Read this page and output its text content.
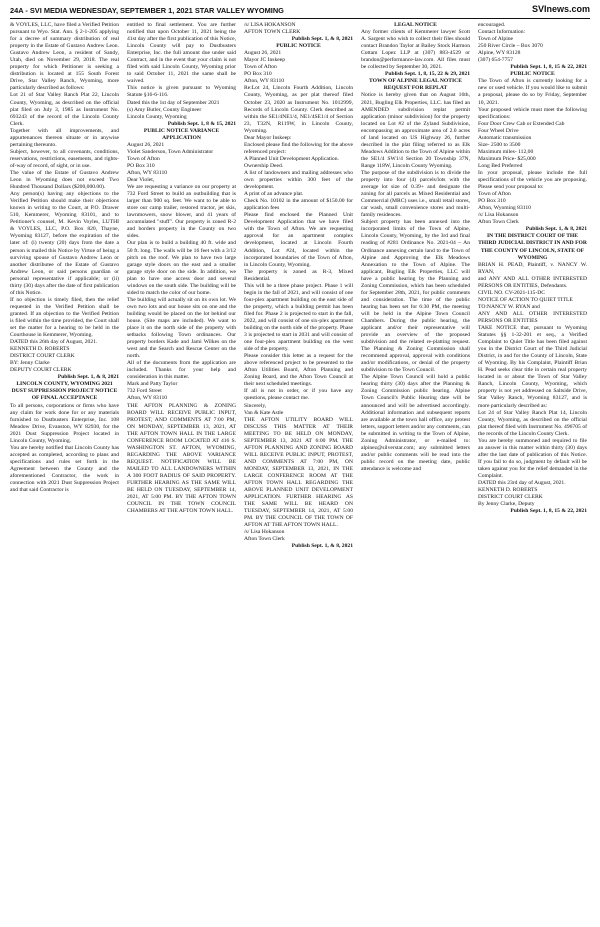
24A - SVI MEDIA WEDNESDAY, SEPTEMBER 1, 2021 STAR VALLEY WYOMING	SVInews.com

& VOYLES, LLC, have filed a Verified Petition pursuant to Wyo. Stat. Ann. § 2-1-205 applying for a decree of summary distribution of real property in the Estate of Gustavo Andrew Leon. Gustavo Andrew Leon, a resident of Sandy, Utah, died on November 29, 2018. The real property for which Petitioner is seeking a distribution is located at 155 South Forest Drive, Star Valley Ranch, Wyoming, more particularly described as follows:

Lot 21 of Star Valley Ranch Plat 22, Lincoln County, Wyoming, as described on the official plat filed on July 3, 1985 as Instrument No. 693243 of the record of the Lincoln County Clerk.

Together with all improvements, and appurtenances thereon situate or in anywise pertaining thereunto.

Subject, however, to all covenants, conditions, reservations, restrictions, easements, and rights-of-way of record, of sight, or in use.

The value of the Estate of Gustavo Andrew Leon in Wyoming does not exceed Two Hundred Thousand Dollars ($200,000.00).

Any person(s) having any objections to the Verified Petition should make their objections known in writing to the Court, at P.O. Drawer 510, Kemmerer, Wyoming 83101, and to Petitioner's counsel, M. Kevin Voyles, LUTHI & VOYLES, LLC, P.O. Box 820, Thayne, Wyoming 83127, before the expiration of the later of: (i) twenty (20) days from the date a person is mailed this Notice by Virtue of being a surviving spouse of Gustavo Andrew Leon or another distributee of the Estate of Gustavo Andrew Leon, or said persons guardian or personal representative if applicable; or (ii) thirty (30) days after the date of first publication of this Notice.

If no objection is timely filed, then the relief requested in the Verified Petition shall be granted. If an objection to the Verified Petition is filed within the time provided, the Court shall set the matter for a hearing to be held in the Courthouse in Kemmerer, Wyoming.

DATED this 26th day of August, 2021.

KENNETH D. ROBERTS

DISTRICT COURT CLERK

BY: Jenny Clarke

DEPUTY COURT CLERK

Publish Sept. 1, & 8, 2021

LINCOLN COUNTY, WYOMING 2021 DUST SUPPRESSION PROJECT NOTICE OF FINAL ACCEPTANCE

To all persons, corporations or firms who have any claim for work done for or any materials furnished to Dustbusters Enterprise, Inc. 108 Meadow Drive, Evanston, WY 82930, for the 2021 Dust Suppression Project located in Lincoln County, Wyoming.

You are hereby notified that Lincoln County has accepted as completed, according to plans and specifications and rules set forth in the Agreement between the County and the aforementioned Contractor, the work in connection with 2021 Dust Suppression Project and that said Contractor is

entitled to final settlement. You are further notified that upon October 11, 2021 being the 41st day after the first publication of this Notice, Lincoln County will pay to Dustbusters Enterprise, Inc. the full amount due under said Contract, and in the event that your claim is not filed with said Lincoln County, Wyoming prior to said October 11, 2021 the same shall be waived.

This notice is given pursuant to Wyoming Statute §16-6-116.

Dated this the 1st day of September 2021

(s) Amy Butler, County Engineer

Lincoln County, Wyoming

Publish Sept. 1, 8 & 15, 2021

PUBLIC NOTICE VARIANCE APPLICATION

August 26, 2021

Violet Sanderson, Town Administrator

Town of Afton

PO Box 310

Afton, WY 83110

Dear Violet,

We are requesting a variance on our property at 732 Ford Street to build an outbuilding that is larger than 900 sq. feet. We want to be able to store our camp trailer, restored tractor, jet skis, lawnmowers, snow blower, and 41 years of accumulated "stuff". Our property is zoned R-2 and borders property in the County on two sides.

Our plan is to build a building 40 ft. wide and 50 ft. long. The walls will be 16 feet with a 3/12 pitch on the roof. We plan to have two large garage style doors on the east and a smaller garage style door on the side. In addition, we plan to have one access door and several windows on the south side. The building will be sided to match the color of our home.

The building will actually sit on its own lot. We own two lots and our house sits on one and the building would be placed on the lot behind our house. (Site maps are included). We want to place it on the north side of the property with setbacks following Town ordinances. Our property borders Kade and Jami Wilkes on the west and the Search and Rescue Center on the north.

All of the documents from the application are included. Thanks for your help and consideration in this matter.

Mark and Patty Taylor

732 Ford Street

Afton, WY 83110

THE AFTON PLANNING & ZONING BOARD WILL RECEIVE PUBLIC INPUT, PROTEST, AND COMMENTS AT 7:00 PM, ON MONDAY, SEPTEMBER 13, 2021, AT THE AFTON TOWN HALL IN THE LARGE CONFERENCE ROOM LOCATED AT 416 S. WASHINGTON ST. AFTON, WYOMING, REGARDING THE ABOVE VARIANCE REQUEST. NOTIFICATION WILL BE MAILED TO ALL LANDOWNERS WITHIN A 300 FOOT RADIUS OF SAID PROPERTY. FURTHER HEARING AS THE SAME WILL BE HELD ON TUESDAY, SEPTEMBER 14, 2021, AT 5:00 PM. BY THE AFTON TOWN COUNCIL IN THE TOWN COUNCIL CHAMBERS AT THE AFTON TOWN HALL.

/s/ LISA HOKANSON

AFTON TOWN CLERK

Publish Sept. 1, & 8, 2021

PUBLIC NOTICE

August 26, 2021

Mayor JC Inskeep

Town of Afton

PO Box 310

Afton, WY 83110

Re:Lot 24, Lincoln Fourth Addition, Lincoln County, Wyoming, as per plat thereof filed October 23, 2020 as Instrument No. 1012999, Records of Lincoln County. Clerk described as within the SE1/4NE1/4, NE1/4SE1/4 of Section 23, T32N, R119W, in Lincoln County, Wyoming.

Dear Mayor Inskeep:

Enclosed please find the following for the above referenced project:

A Planned Unit Development Application.

Ownership Deed.

A list of landowners and mailing addresses who own properties within 300 feet of the development.

A print of an advance plat.

Check No. 10102 in the amount of $150.00 for application fees

Please find enclosed the Planned Unit Development Application that we have filed with the Town of Afton. We are requesting approval for an apartment complex development, located at Lincoln Fourth Addition, Lot #24, located within the incorporated boundaries of the Town of Afton, in Lincoln County, Wyoming.

The property is zoned as R-3, Mixed Residential.

This will be a three phase project. Phase 1 will begin in the fall of 2021, and will consist of one four-plex apartment building on the east side of the property, which a building permit has been filed for. Phase 2 is projected to start in the fall, 2022, and will consist of one six-plex apartment building on the north side of the property. Phase 3 is projected to start in 2031 and will consist of one four-plex apartment building on the west side of the property.

Please consider this letter as a request for the above referenced project to be presented to the Afton Utilities Board, Afton Planning and Zoning Board, and the Afton Town Council at their next scheduled meetings.

If all is not in order, or if you have any questions, please contact me.

Sincerely,

Van & Kate Astle

THE AFTON UTILITY BOARD WILL DISCUSS THIS MATTER AT THEIR MEETING TO BE HELD ON MONDAY, SEPTEMBER 13, 2021 AT 6:00 PM. THE AFTON PLANNING AND ZONING BOARD WILL RECEIVE PUBLIC INPUT, PROTEST, AND COMMENTS AT 7:00 PM, ON MONDAY, SEPTEMBER 13, 2021, IN THE LARGE CONFERENCE ROOM AT THE AFTON TOWN HALL REGARDING THE ABOVE PLANNED UNIT DEVELOPMENT APPLICATION. FURTHER HEARING AS THE SAME WILL BE HEARD ON TUESDAY, SEPTEMBER 14, 2021, AT 5:00 PM. BY THE COUNCIL OF THE TOWN OF AFTON AT THE AFTON TOWN HALL.

/s/ Lisa Hokanson

Afton Town Clerk

Publish Sept. 1, & 8, 2021

LEGAL NOTICE

Any former clients of Kemmerer lawyer Scott A. Sargent who wish to collect their files should contact Brandon Taylor at Bailey Stock Harmon Cottam Lopez LLP at (307) 883-4529 or brandon@performance-law.com. All files must be collected by September 30, 2021.

Publish Sept. 1, 8, 15, 22 & 29, 2021

TOWN OF ALPINE LEGAL NOTICE REQUEST FOR REPLAT

Notice is hereby given that on August 16th, 2021, Bugling Elk Properties, LLC. has filed an AMENDED subdivision replat permit application (minor subdivision) for the property located on Lot #2 of the Zyland Subdivision, encompassing an approximate area of 2.0 acres of land located on US Highway 26, further described in the plat filing referred to as Elk Meadows Addition to the Town of Alpine within the SE1/4 SW1/4 Section 20 Township 37N, Range 118W, Lincoln County Wyoming.

The purpose of the subdivision is to divide the property into four (4) parcels/lots with the average lot size of 0.39+ and designate the zoning for all parcels as Mixed Residential and Commercial (MRC) uses i.e., small retail stores, car wash, small convenience stores and multi-family residences.

Subject property has been annexed into the incorporated limits of the Town of Alpine, Lincoln County, Wyoming, by the 3rd and final reading of #281 Ordinance No. 2021-04 – An Ordinance annexing certain land to the Town of Alpine and Approving the Elk Meadows Annexation to the Town of Alpine. The applicant, Bugling Elk Properties, LLC will have a public hearing by the Planning and Zoning Commission, which has been scheduled for September 28th, 2021, for public comments and consideration. The time of the public hearing has been set for 6:30 PM, the meeting will be held in the Alpine Town Council Chambers. During the public hearing, the applicant and/or their representative will provide an overview of the proposed subdivision and the related re-platting request. The Planning & Zoning Commission shall recommend approval, approval with conditions and/or modifications, or denial of the property subdivision to the Town Council.

The Alpine Town Council will hold a public hearing thirty (30) days after the Planning & Zoning Commission public hearing. Alpine Town Council's Public Hearing date will be announced and will be advertised accordingly. Additional information and subsequent reports are available at the town hall office, any protest letters, support letters and/or any comments, can be submitted in writing to the Town of Alpine, Zoning Administrator, or e-mailed to: alpinez@silverstar.com; any submitted letters and/or public comments will be read into the public record on the meeting date, public attendance is welcome and

encouraged.

Contact Information:

Town of Alpine

250 River Circle – Box 3070

Alpine, WY 83128

(307) 654-7757

Publish Sept. 1, 8, 15 & 22, 2021

PUBLIC NOTICE

The Town of Afton is currently looking for a new or used vehicle. If you would like to submit a proposal, please do so by Friday, September 10, 2021.

Your proposed vehicle must meet the following specifications:

Four Door Crew Cab or Extended Cab

Four Wheel Drive

Automatic transmission

Size- 2500 to 3500

Maximum miles- 112,00

Maximum Price- $25,000

Long Bed Preferred

In your proposal, please include the full specifications of the vehicle you are proposing. Please send your proposal to:

Town of Afton

PO Box 310

Afton, Wyoming 83110

/s/ Lisa Hokanson

Afton Town Clerk

Publish Sept. 1, & 8, 2021

IN THE DISTRICT COURT OF THE THIRD JUDICIAL DISTRICT IN AND FOR THE COUNTY OF LINCOLN, STATE OF WYOMING

BRIAN H. PEAD, Plaintiff, v. NANCY W. RYAN,

and ANY AND ALL OTHER INTERESTED PERSONS OR ENTITIES, Defendants.

CIVIL NO. CV-2021-115-DC

NOTICE OF ACTION TO QUIET TITLE

TO:NANCY W. RYAN and

ANY AND ALL OTHER INTERESTED PERSONS OR ENTITIES

TAKE NOTICE that, pursuant to Wyoming Statutes §§ 1-32-201 et seq., a Verified Complaint to Quiet Title has been filed against you in the District Court of the Third Judicial District, in and for the County of Lincoln, State of Wyoming. By his Complaint, Plaintiff Brian H. Pead seeks clear title in certain real property located in or about the Town of Star Valley Ranch, Lincoln County, Wyoming, which property is not yet addressed on Saltside Drive, Star Valley Ranch, Wyoming 83127, and is more particularly described as:

Lot 24 of Star Valley Ranch Plat 14, Lincoln County, Wyoming, as described on the official plat thereof filed with Instrument No. 496705 of the records of the Lincoln County Clerk.

You are hereby summoned and required to file an answer in this matter within thirty (30) days after the last date of publication of this Notice. If you fail to do so, judgment by default will be taken against you for the relief demanded in the Complaint.

DATED this 23rd day of August, 2021.

KENNETH D. ROBERTS

DISTRICT COURT CLERK

By Jenny Clarke, Deputy

Publish Sept. 1, 8, 15 & 22, 2021
